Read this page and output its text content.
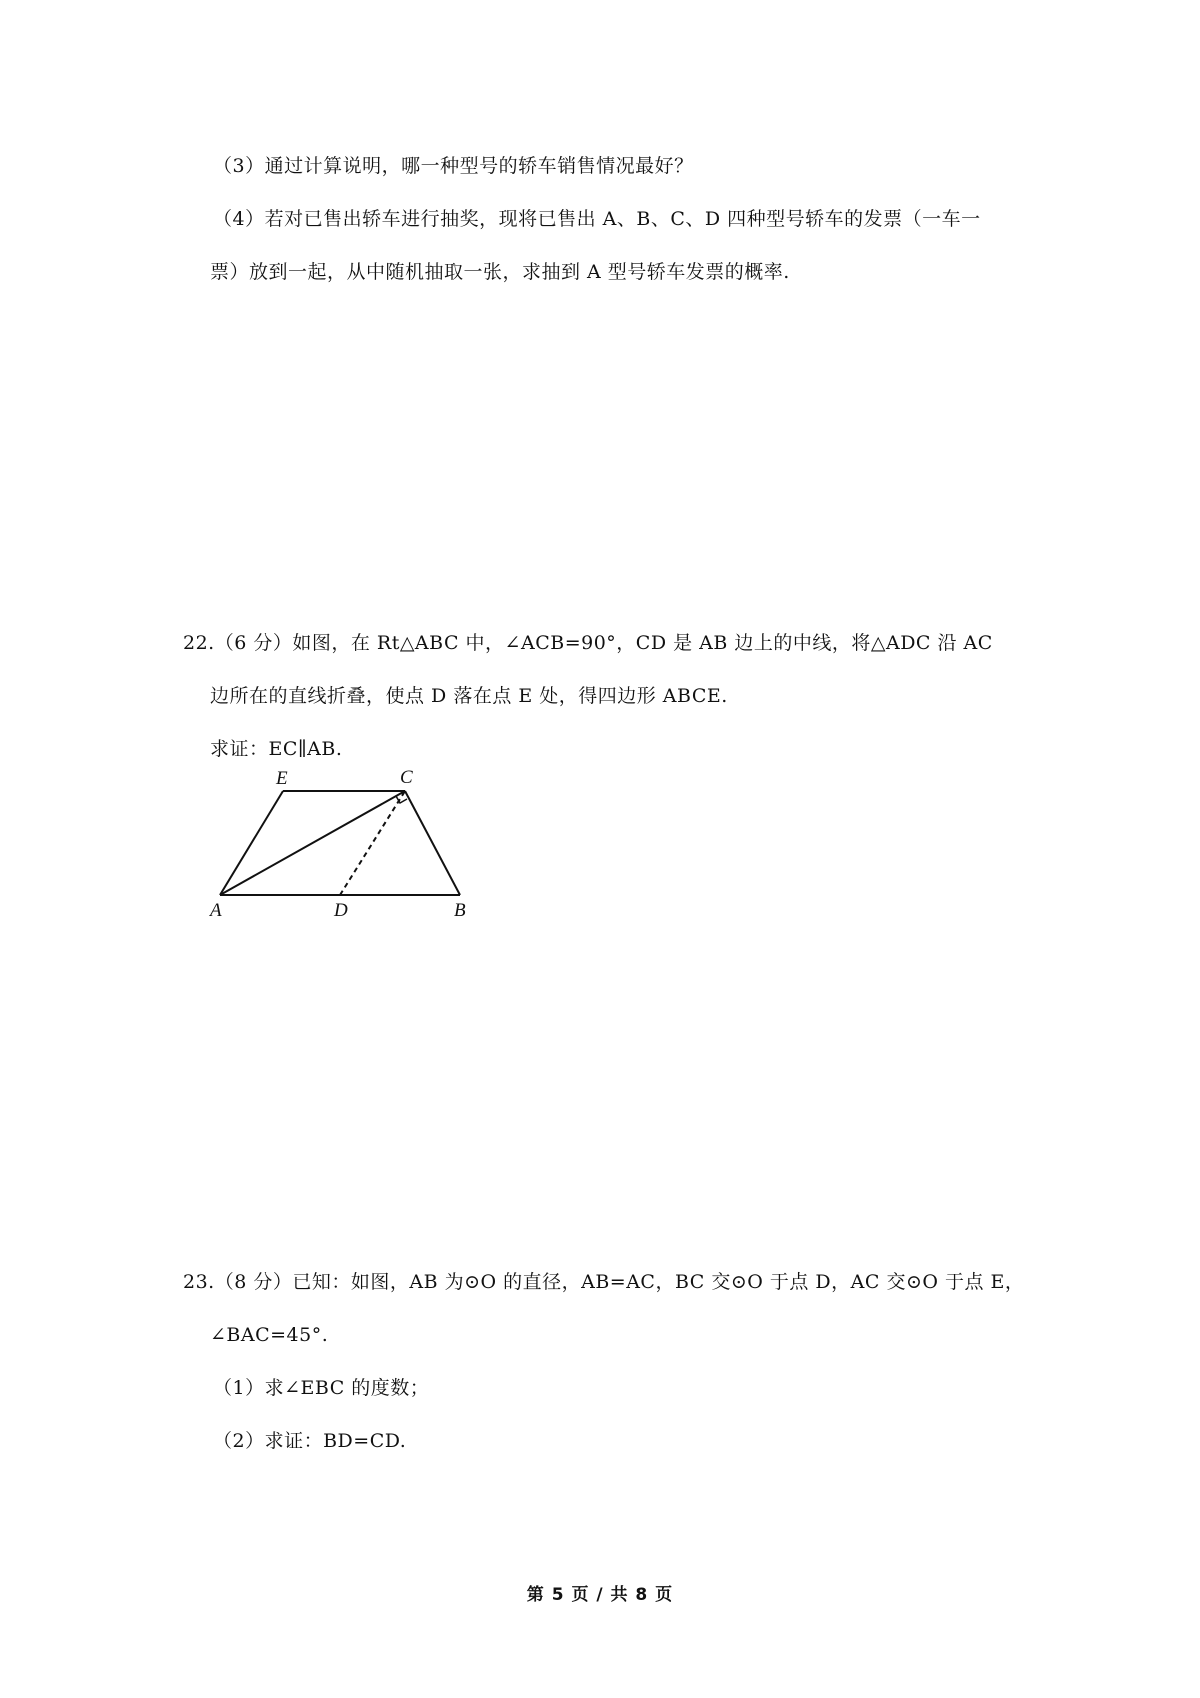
（3）通过计算说明，哪一种型号的轿车销售情况最好？
（4）若对已售出轿车进行抽奖，现将已售出 A、B、C、D 四种型号轿车的发票（一车一
票）放到一起，从中随机抽取一张，求抽到 A 型号轿车发票的概率.
22.（6 分）如图，在 Rt△ABC 中，∠ACB=90°，CD 是 AB 边上的中线，将△ADC 沿 AC
边所在的直线折叠，使点 D 落在点 E 处，得四边形 ABCE.
求证：EC∥AB.
E	C
A	D	B
23.（8 分）已知：如图，AB 为⊙O 的直径，AB=AC，BC 交⊙O 于点 D，AC 交⊙O 于点 E，
∠BAC=45°.
（1）求∠EBC 的度数；
（2）求证：BD=CD.
第 5 页 / 共 8 页
